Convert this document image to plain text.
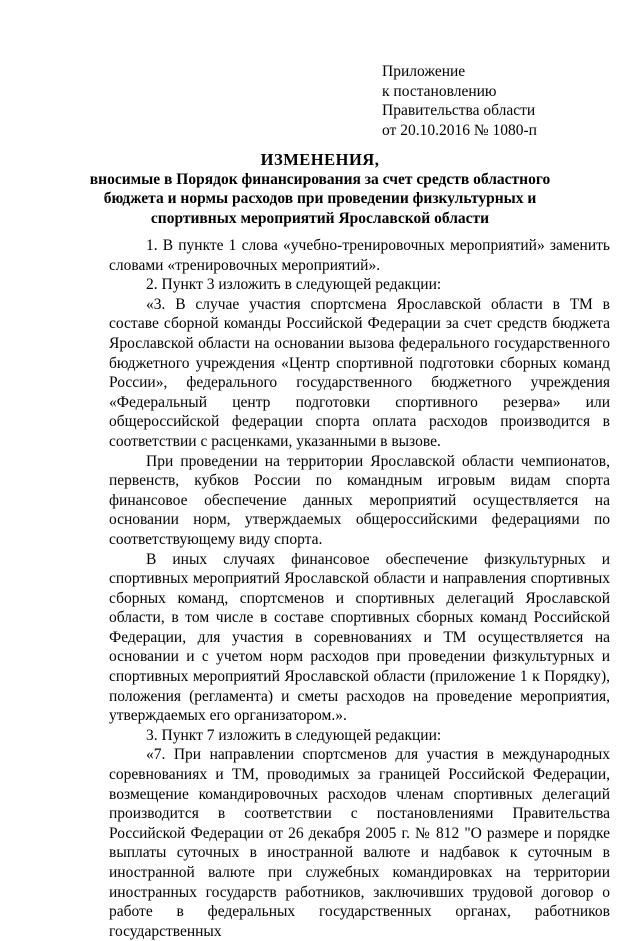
Приложение
к постановлению
Правительства области
от 20.10.2016 № 1080-п
ИЗМЕНЕНИЯ,
вносимые в Порядок финансирования за счет средств областного
бюджета и нормы расходов при проведении физкультурных и
спортивных мероприятий Ярославской области

1. В пункте 1 слова «учебно-тренировочных мероприятий» заменить словами «тренировочных мероприятий».

2. Пункт 3 изложить в следующей редакции:

«3. В случае участия спортсмена Ярославской области в ТМ в составе сборной команды Российской Федерации за счет средств бюджета Ярославской области на основании вызова федерального государственного бюджетного учреждения «Центр спортивной подготовки сборных команд России», федерального государственного бюджетного учреждения «Федеральный центр подготовки спортивного резерва» или общероссийской федерации спорта оплата расходов производится в соответствии с расценками, указанными в вызове.

При проведении на территории Ярославской области чемпионатов, первенств, кубков России по командным игровым видам спорта финансовое обеспечение данных мероприятий осуществляется на основании норм, утверждаемых общероссийскими федерациями по соответствующему виду спорта.

В иных случаях финансовое обеспечение физкультурных и спортивных мероприятий Ярославской области и направления спортивных сборных команд, спортсменов и спортивных делегаций Ярославской области, в том числе в составе спортивных сборных команд Российской Федерации, для участия в соревнованиях и ТМ осуществляется на основании и с учетом норм расходов при проведении физкультурных и спортивных мероприятий Ярославской области (приложение 1 к Порядку), положения (регламента) и сметы расходов на проведение мероприятия, утверждаемых его организатором.».

3. Пункт 7 изложить в следующей редакции:

«7. При направлении спортсменов для участия в международных соревнованиях и ТМ, проводимых за границей Российской Федерации, возмещение командировочных расходов членам спортивных делегаций производится в соответствии с постановлениями Правительства Российской Федерации от 26 декабря 2005 г. № 812 "О размере и порядке выплаты суточных в иностранной валюте и надбавок к суточным в иностранной валюте при служебных командировках на территории иностранных государств работников, заключивших трудовой договор о работе в федеральных государственных органах, работников государственных
